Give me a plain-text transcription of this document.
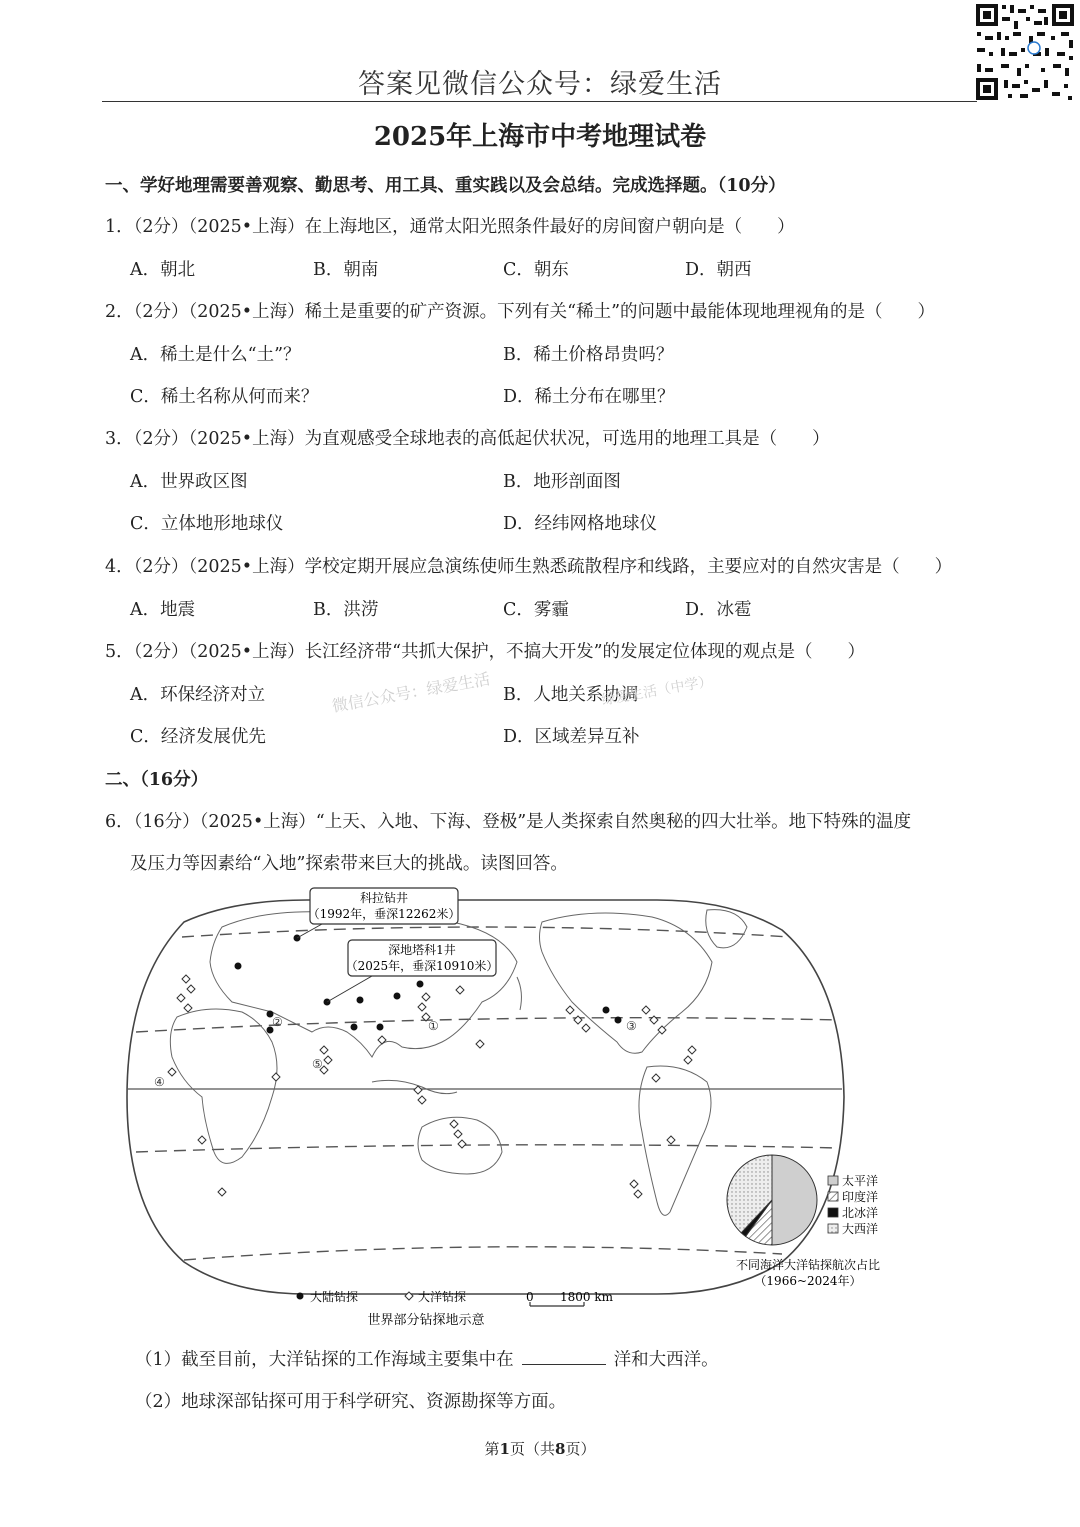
答案见微信公众号：绿爱生活
2025年上海市中考地理试卷
一、学好地理需要善观察、勤思考、用工具、重实践以及会总结。完成选择题。（10分）
1．（2分）（2025•上海）在上海地区，通常太阳光照条件最好的房间窗户朝向是（　　）
A．朝北	B．朝南	C．朝东	D．朝西
2．（2分）（2025•上海）稀土是重要的矿产资源。下列有关“稀土”的问题中最能体现地理视角的是（　　）
A．稀土是什么“土”？	B．稀土价格昂贵吗？
C．稀土名称从何而来？	D．稀土分布在哪里？
3．（2分）（2025•上海）为直观感受全球地表的高低起伏状况，可选用的地理工具是（　　）
A．世界政区图	B．地形剖面图
C．立体地形地球仪	D．经纬网格地球仪
4．（2分）（2025•上海）学校定期开展应急演练使师生熟悉疏散程序和线路，主要应对的自然灾害是（　　）
A．地震	B．洪涝	C．雾霾	D．冰雹
5．（2分）（2025•上海）长江经济带“共抓大保护，不搞大开发”的发展定位体现的观点是（　　）
A．环保经济对立	B．人地关系协调
C．经济发展优先	D．区域差异互补
微信公众号：绿爱生活	绿爱生活（中学）
二、（16分）
6．（16分）（2025•上海）“上天、入地、下海、登极”是人类探索自然奥秘的四大壮举。地下特殊的温度
及压力等因素给“入地”探索带来巨大的挑战。读图回答。
科拉钻井
（1992年，垂深12262米）
深地塔科1井
（2025年，垂深10910米）
①
②	③
④
⑤
大陆钻探	大洋钻探	0 1800 km
世界部分钻探地示意
太平洋
印度洋
北冰洋
大西洋
不同海洋大洋钻探航次占比
（1966~2024年）
（1）截至目前，大洋钻探的工作海域主要集中在	洋和大西洋。
（2）地球深部钻探可用于科学研究、资源勘探等方面。
第1页（共8页）
